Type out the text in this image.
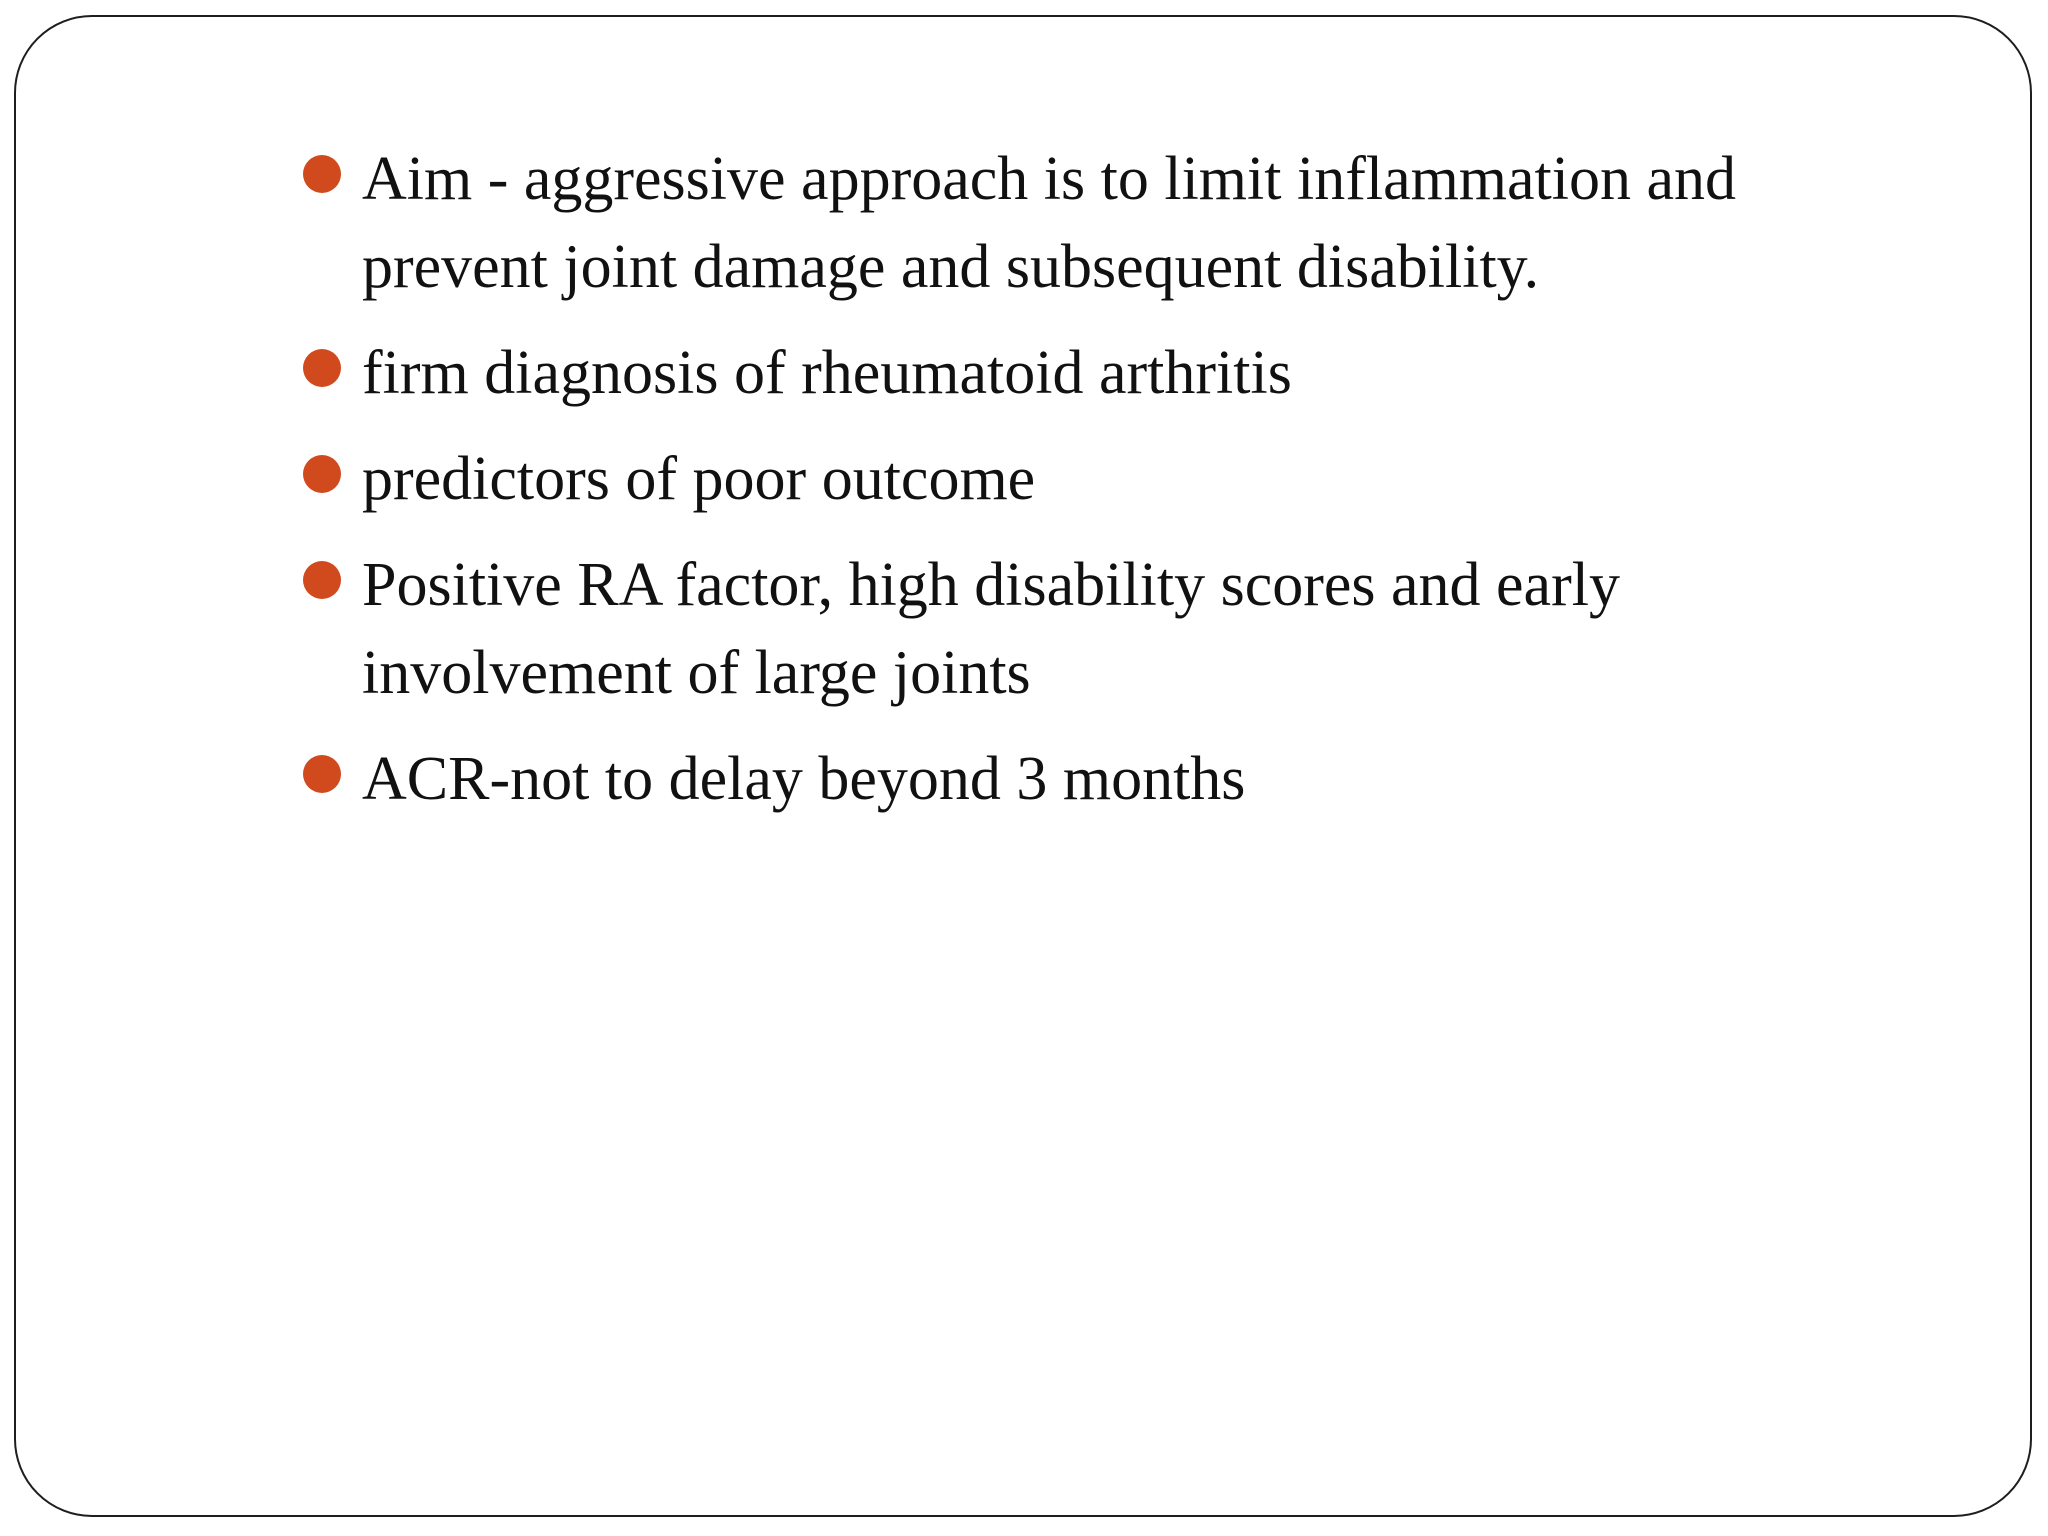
Aim - aggressive approach is to limit inflammation and prevent joint damage and subsequent disability.
firm diagnosis of rheumatoid arthritis
predictors of poor outcome
Positive RA factor, high disability scores and early involvement of large joints
ACR-not to delay beyond 3 months
